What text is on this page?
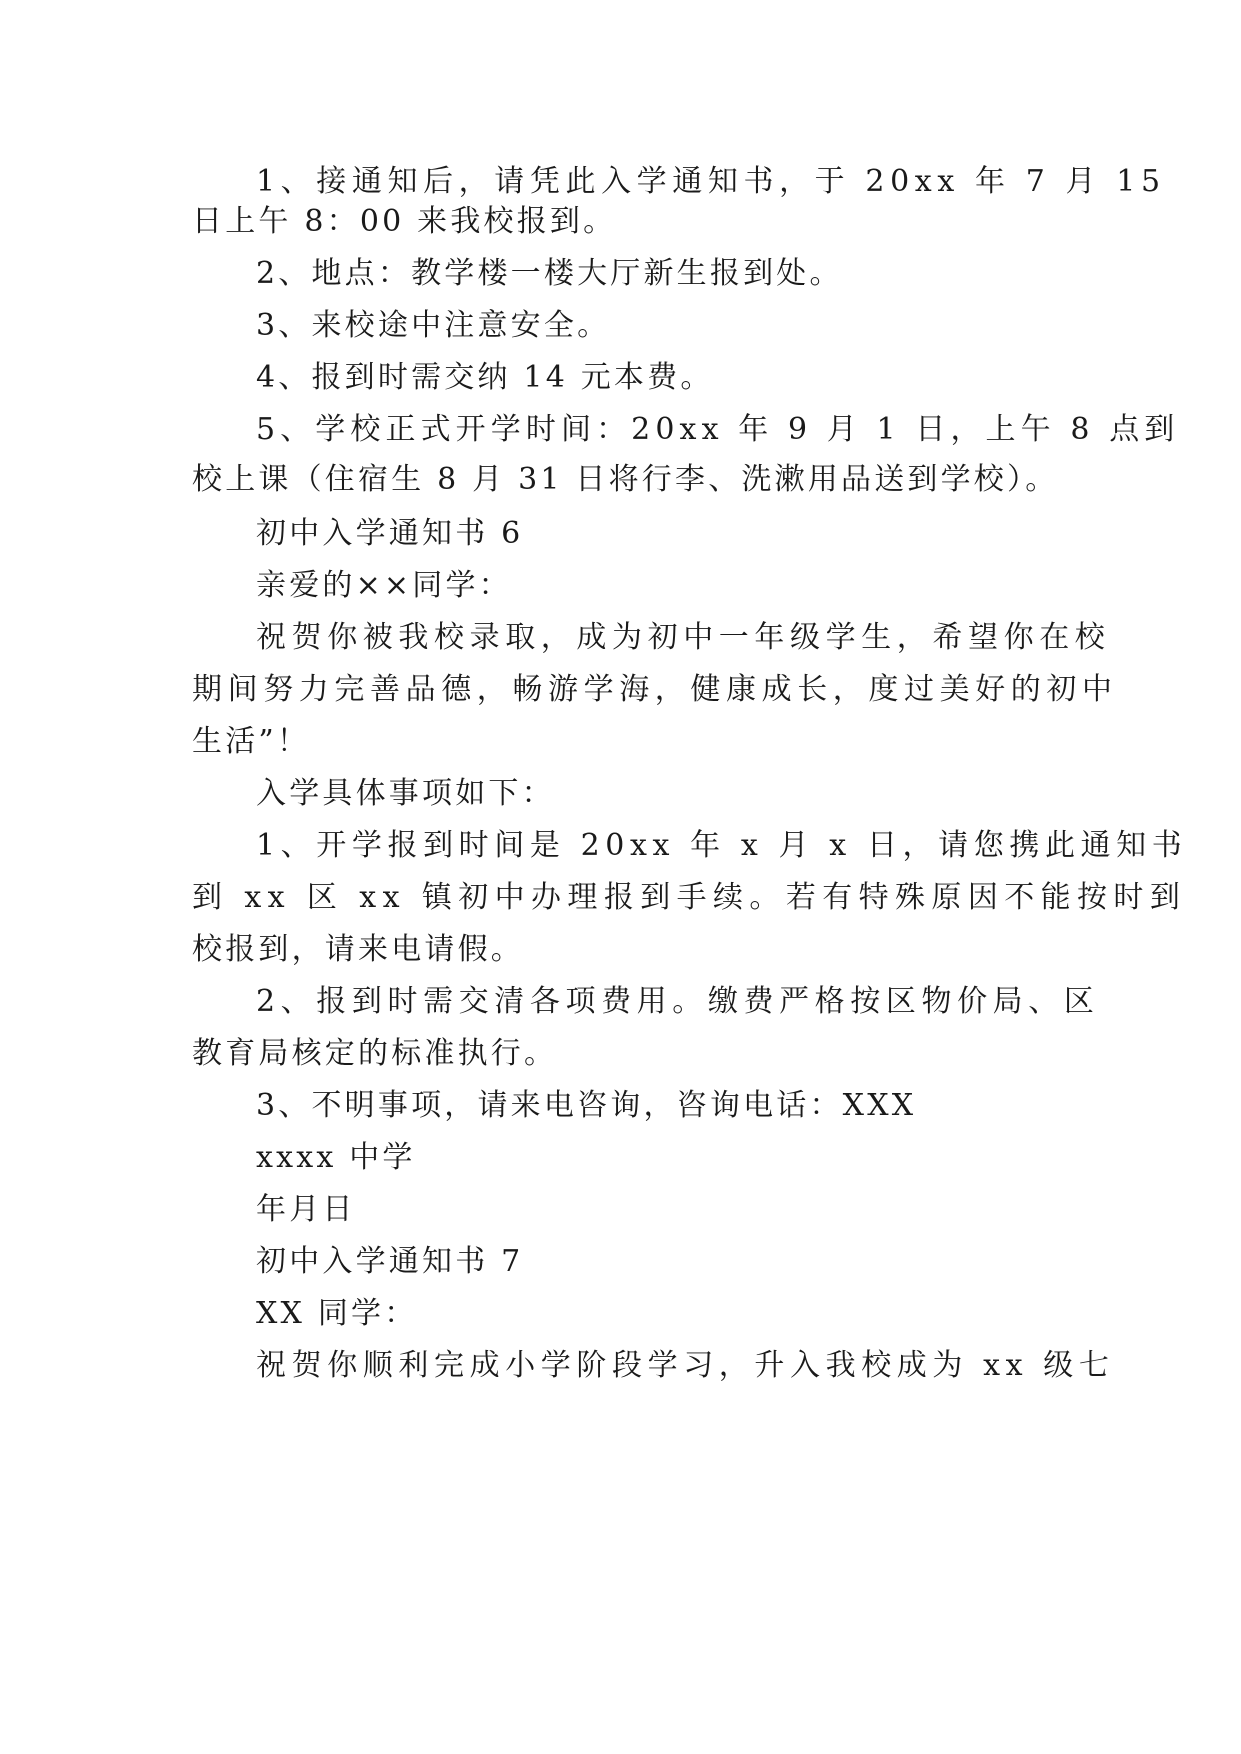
1、接通知后，请凭此入学通知书，于 20xx 年 7 月 15
日上午 8：00 来我校报到。
2、地点：教学楼一楼大厅新生报到处。
3、来校途中注意安全。
4、报到时需交纳 14 元本费。
5、学校正式开学时间：20xx 年 9 月 1 日，上午 8 点到
校上课（住宿生 8 月 31 日将行李、洗漱用品送到学校）。
初中入学通知书 6
亲爱的××同学：
祝贺你被我校录取，成为初中一年级学生，希望你在校
期间努力完善品德，畅游学海，健康成长，度过美好的初中
生活”！
入学具体事项如下：
1、开学报到时间是 20xx 年 x 月 x 日，请您携此通知书
到 xx 区 xx 镇初中办理报到手续。若有特殊原因不能按时到
校报到，请来电请假。
2、报到时需交清各项费用。缴费严格按区物价局、区
教育局核定的标准执行。
3、不明事项，请来电咨询，咨询电话：XXX
xxxx 中学
年月日
初中入学通知书 7
XX 同学：
祝贺你顺利完成小学阶段学习，升入我校成为 xx 级七
